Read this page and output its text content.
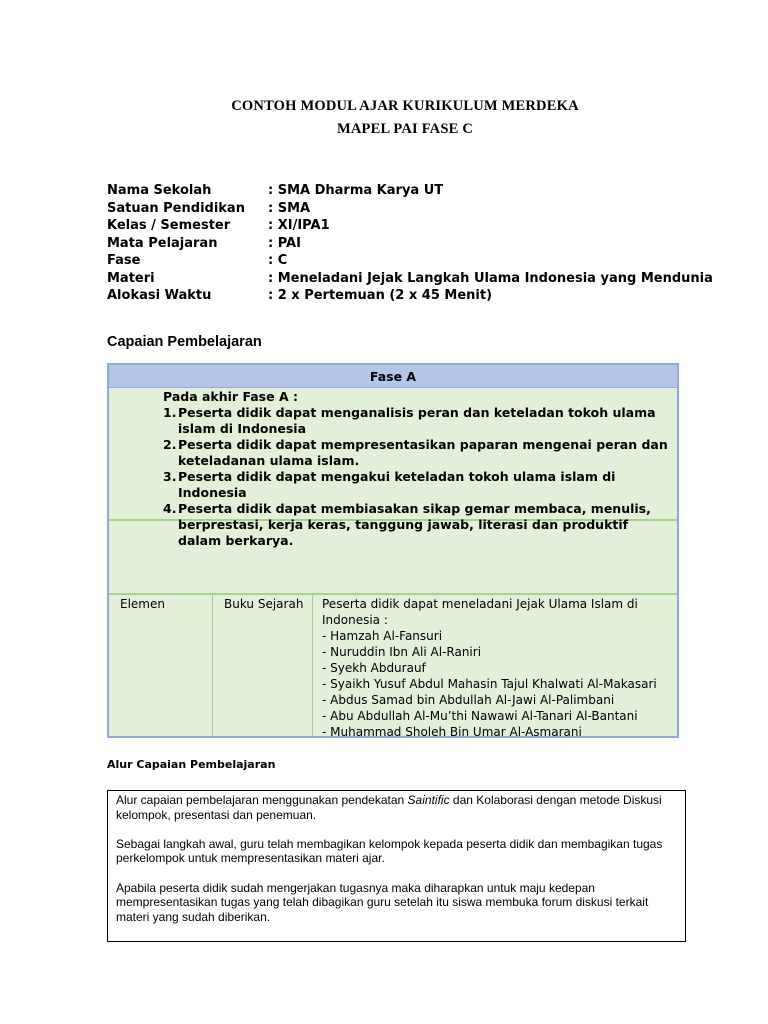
CONTOH MODUL AJAR KURIKULUM MERDEKA
MAPEL PAI FASE C
Nama Sekolah	: SMA Dharma Karya UT
Satuan Pendidikan : SMA
Kelas / Semester	: XI/IPA1
Mata Pelajaran	: PAI
Fase	: C
Materi	: Meneladani Jejak Langkah Ulama Indonesia yang Mendunia
Alokasi Waktu	: 2 x Pertemuan (2 x 45 Menit)
Capaian Pembelajaran
Fase A
Pada akhir Fase A :
1. Peserta didik dapat menganalisis peran dan keteladan tokoh ulama islam di Indonesia
2. Peserta didik dapat mempresentasikan paparan mengenai peran dan keteladanan ulama islam.
3. Peserta didik dapat mengakui keteladan tokoh ulama islam di Indonesia
4. Peserta didik dapat membiasakan sikap gemar membaca, menulis, berprestasi, kerja keras, tanggung jawab, literasi dan produktif dalam berkarya.
Elemen	Buku Sejarah	Peserta didik dapat meneladani Jejak Ulama Islam di Indonesia :
- Hamzah Al-Fansuri
- Nuruddin Ibn Ali Al-Raniri
- Syekh Abdurauf
- Syaikh Yusuf Abdul Mahasin Tajul Khalwati Al-Makasari
- Abdus Samad bin Abdullah Al-Jawi Al-Palimbani
- Abu Abdullah Al-Mu’thi Nawawi Al-Tanari Al-Bantani
- Muhammad Sholeh Bin Umar Al-Asmarani
Alur Capaian Pembelajaran

Alur capaian pembelajaran menggunakan pendekatan Saintific dan Kolaborasi dengan metode Diskusi kelompok, presentasi dan penemuan.

Sebagai langkah awal, guru telah membagikan kelompok kepada peserta didik dan membagikan tugas perkelompok untuk mempresentasikan materi ajar.

Apabila peserta didik sudah mengerjakan tugasnya maka diharapkan untuk maju kedepan mempresentasikan tugas yang telah dibagikan guru setelah itu siswa membuka forum diskusi terkait materi yang sudah diberikan.
